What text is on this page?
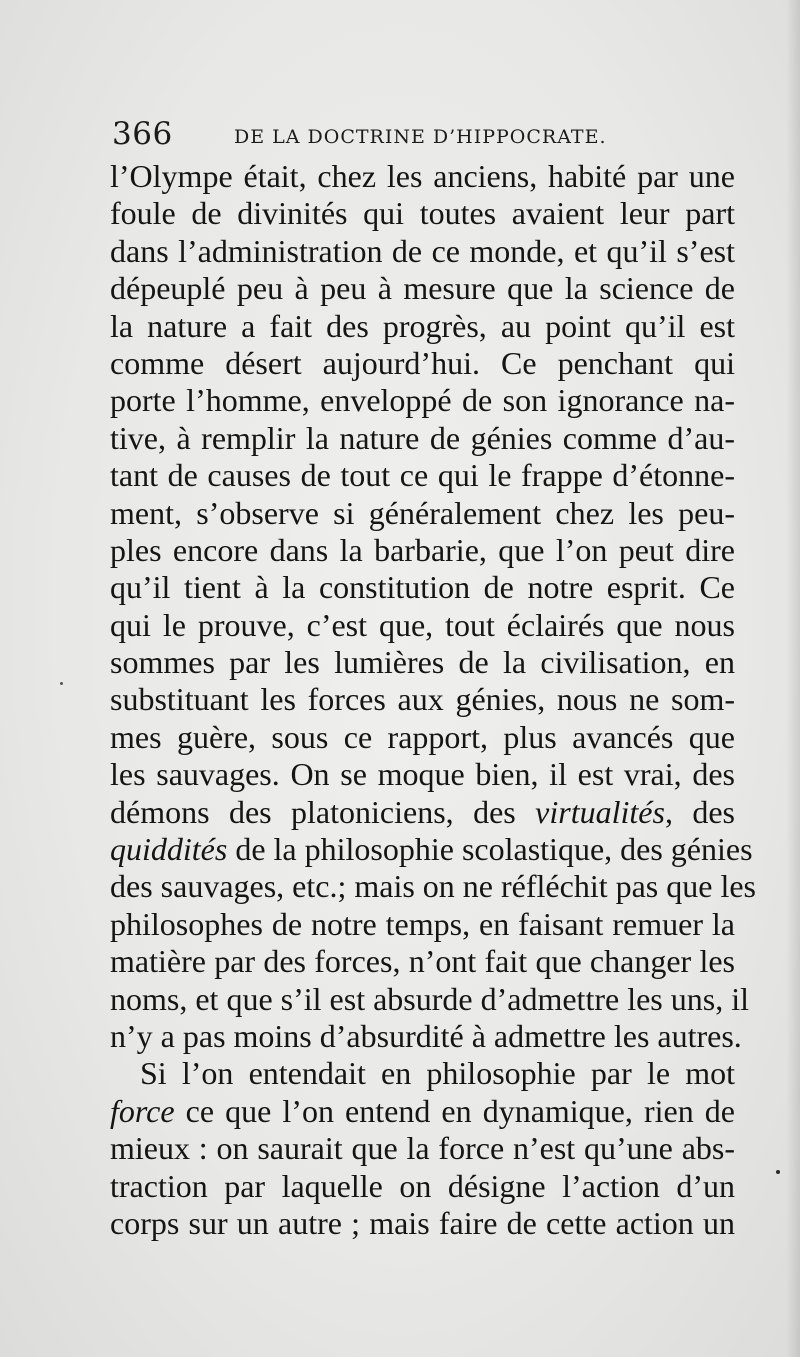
366	DE LA DOCTRINE D’HIPPOCRATE.
l’Olympe était, chez les anciens, habité par une
foule de divinités qui toutes avaient leur part
dans l’administration de ce monde, et qu’il s’est
dépeuplé peu à peu à mesure que la science de
la nature a fait des progrès, au point qu’il est
comme désert aujourd’hui. Ce penchant qui
porte l’homme, enveloppé de son ignorance na-
tive, à remplir la nature de génies comme d’au-
tant de causes de tout ce qui le frappe d’étonne-
ment, s’observe si généralement chez les peu-
ples encore dans la barbarie, que l’on peut dire
qu’il tient à la constitution de notre esprit. Ce
qui le prouve, c’est que, tout éclairés que nous
sommes par les lumières de la civilisation, en
substituant les forces aux génies, nous ne som-
mes guère, sous ce rapport, plus avancés que
les sauvages. On se moque bien, il est vrai, des
démons des platoniciens, des virtualités, des
quiddités de la philosophie scolastique, des génies
des sauvages, etc.; mais on ne réfléchit pas que les
philosophes de notre temps, en faisant remuer la
matière par des forces, n’ont fait que changer les
noms, et que s’il est absurde d’admettre les uns, il
n’y a pas moins d’absurdité à admettre les autres.
Si l’on entendait en philosophie par le mot
force ce que l’on entend en dynamique, rien de
mieux : on saurait que la force n’est qu’une abs-
traction par laquelle on désigne l’action d’un
corps sur un autre ; mais faire de cette action un
